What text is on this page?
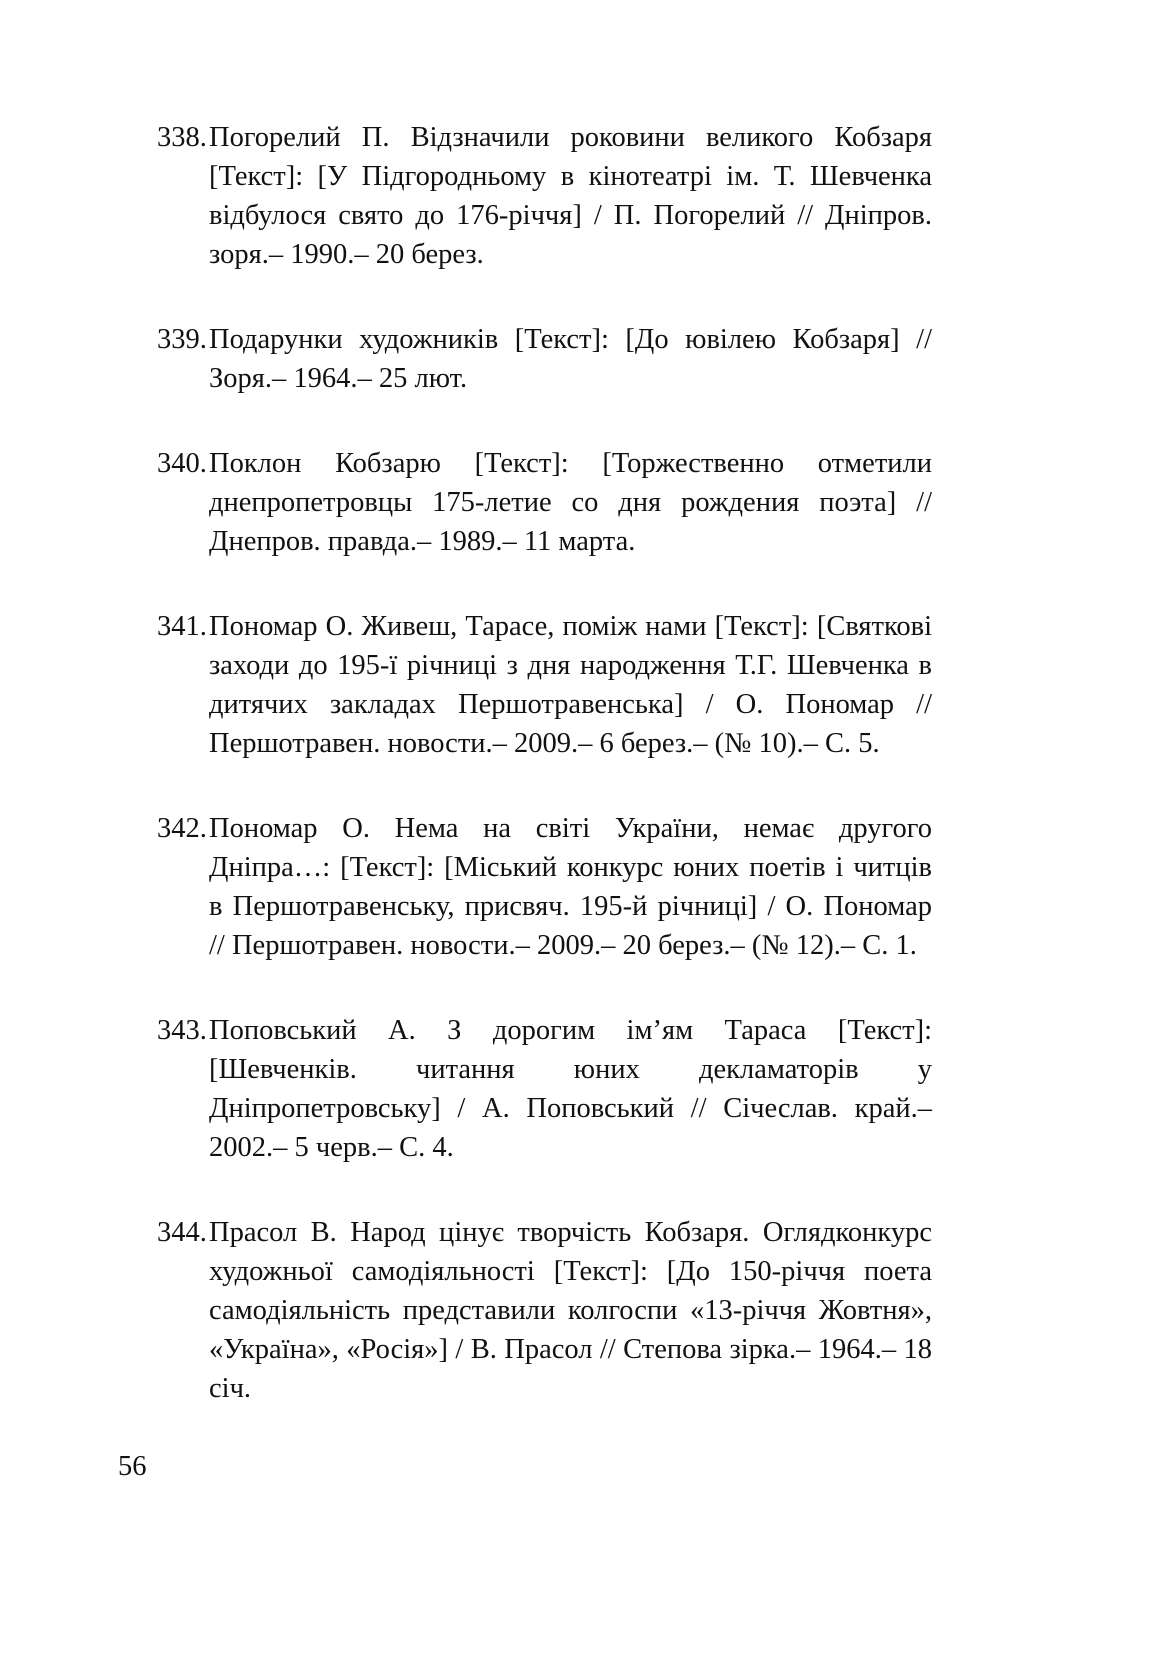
338. Погорелий П. Відзначили роковини великого Кобзаря [Текст]: [У Підгородньому в кінотеатрі ім. Т. Шевченка відбулося свято до 176-річчя] / П. Погорелий // Дніпров. зоря.– 1990.– 20 берез.
339. Подарунки художників [Текст]: [До ювілею Кобзаря] // Зоря.– 1964.– 25 лют.
340. Поклон Кобзарю [Текст]: [Торжественно отметили днепропетровцы 175-летие со дня рождения поэта] // Днепров. правда.– 1989.– 11 марта.
341. Пономар О. Живеш, Тарасе, поміж нами [Текст]: [Святкові заходи до 195-ї річниці з дня народження Т.Г. Шевченка в дитячих закладах Першотравенська] / О. Пономар // Першотравен. новости.– 2009.– 6 берез.– (№ 10).– С. 5.
342. Пономар О. Нема на світі України, немає другого Дніпра…: [Текст]: [Міський конкурс юних поетів і читців в Першотравенську, присвяч. 195-й річниці] / О. Пономар // Першотравен. новости.– 2009.– 20 берез.– (№ 12).– С. 1.
343. Поповський А. З дорогим ім’ям Тараса [Текст]: [Шевченків. читання юних декламаторів у Дніпропетровську] / А. Поповський // Січеслав. край.– 2002.– 5 черв.– С. 4.
344. Прасол В. Народ цінує творчість Кобзаря. Оглядконкурс художньої самодіяльності [Текст]: [До 150-річчя поета самодіяльність представили колгоспи «13-річчя Жовтня», «Україна», «Росія»] / В. Прасол // Степова зірка.– 1964.– 18 січ.
56
